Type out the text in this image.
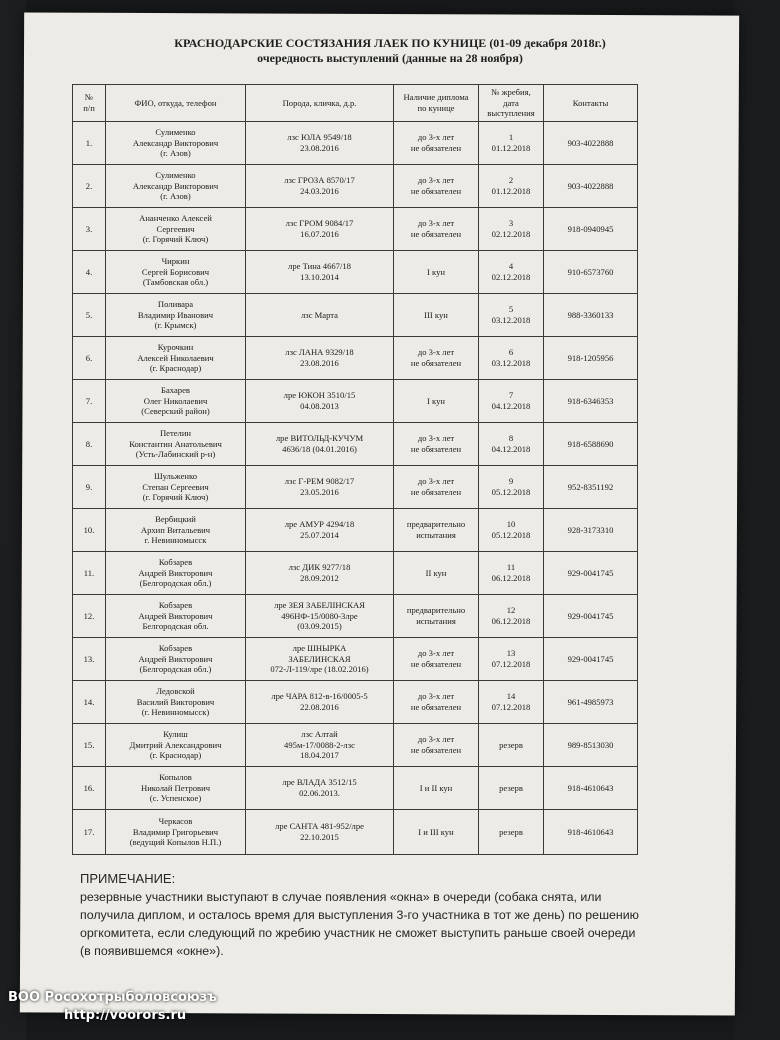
КРАСНОДАРСКИЕ СОСТЯЗАНИЯ ЛАЕК ПО КУНИЦЕ (01-09 декабря 2018г.)
очередность выступлений (данные на 28 ноября)
№
п/п	ФИО, откуда, телефон	Порода, кличка, д.р.	Наличие диплома
по кунице	№ жребия,
дата
выступления	Контакты

1.	Сулименко
Александр Викторович
(г. Азов)	лзс ЮЛА 9549/18
23.08.2016	до 3-х лет
не обязателен	1
01.12.2018	903-4022888
2.	Сулименко
Александр Викторович
(г. Азов)	лзс ГРОЗА 8570/17
24.03.2016	до 3-х лет
не обязателен	2
01.12.2018	903-4022888
3.	Ананченко Алексей
Сергеевич
(г. Горячий Ключ)	лзс ГРОМ 9084/17
16.07.2016	до 3-х лет
не обязателен	3
02.12.2018	918-0940945
4.	Чиркин
Сергей Борисович
(Тамбовская обл.)	лре Тина 4667/18
13.10.2014	I кун	4
02.12.2018	910-6573760
5.	Поливара
Владимир Иванович
(г. Крымск)	лзс Марта	III кун	5
03.12.2018	988-3360133
6.	Курочкин
Алексей Николаевич
(г. Краснодар)	лзс ЛАНА 9329/18
23.08.2016	до 3-х лет
не обязателен	6
03.12.2018	918-1205956
7.	Бахарев
Олег Николаевич
(Северский район)	лре ЮКОН 3510/15
04.08.2013	I кун	7
04.12.2018	918-6346353
8.	Петелин
Константин Анатольевич
(Усть-Лабинский р-н)	лре ВИТОЛЬД-КУЧУМ
4636/18 (04.01.2016)	до 3-х лет
не обязателен	8
04.12.2018	918-6588690
9.	Шульженко
Степан Сергеевич
(г. Горячий Ключ)	лзс Г-РЕМ 9082/17
23.05.2016	до 3-х лет
не обязателен	9
05.12.2018	952-8351192
10.	Вербицкий
Архип Витальевич
г. Невинномысск	лре АМУР 4294/18
25.07.2014	предварительно
испытания	10
05.12.2018	928-3173310
11.	Кобзарев
Андрей Викторович
(Белгородская обл.)	лзс ДИК 9277/18
28.09.2012	II кун	11
06.12.2018	929-0041745
12.	Кобзарев
Андрей Викторович
Белгородская обл.	лре ЗЕЯ ЗАБЕЛІНСКАЯ
496НФ-15/0080-3лре
(03.09.2015)	предварительно
испытания	12
06.12.2018	929-0041745
13.	Кобзарев
Андрей Викторович
(Белгородская обл.)	лре ШНЫРКА
ЗАБЕЛИНСКАЯ
072-Л-119/лре (18.02.2016)	до 3-х лет
не обязателен	13
07.12.2018	929-0041745
14.	Ледовской
Василий Викторович
(г. Невинномысск)	лре ЧАРА 812-в-16/0005-5
22.08.2016	до 3-х лет
не обязателен	14
07.12.2018	961-4985973
15.	Кулиш
Дмитрий Александрович
(г. Краснодар)	лзс Алтай
495м-17/0088-2-лзс
18.04.2017	до 3-х лет
не обязателен	резерв	989-8513030
16.	Копылов
Николай Петрович
(с. Успенское)	лре ВЛАДА 3512/15
02.06.2013.	I и II кун	резерв	918-4610643
17.	Черкасов
Владимир Григорьевич
(ведущий Копылов Н.П.)	лре САНТА 481-952/лре
22.10.2015	I и III кун	резерв	918-4610643
ПРИМЕЧАНИЕ:
резервные участники выступают в случае появления «окна» в очереди (собака снята, или
получила диплом, и осталось время для выступления 3-го участника в тот же день) по решению
оргкомитета, если следующий по жребию участник не сможет выступить раньше своей очереди
(в появившемся «окне»).
ВОО Росохотрыболовсоюзъ
http://voorors.ru
